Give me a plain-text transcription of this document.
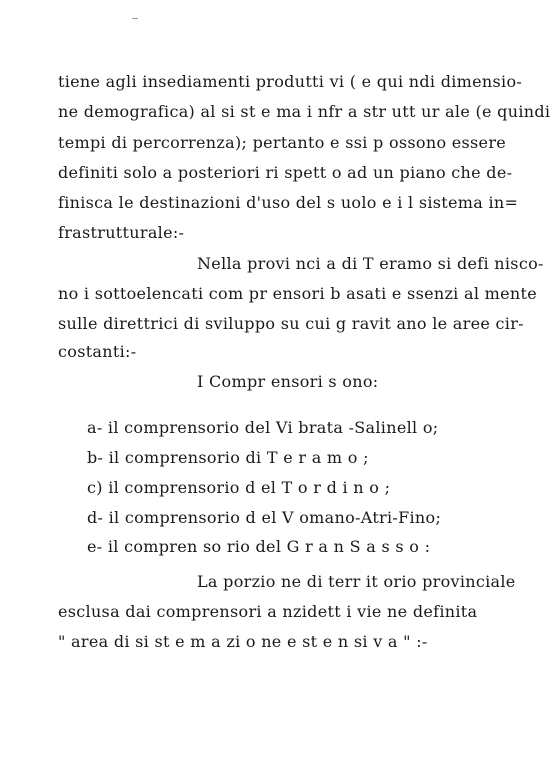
tiene agli insediamenti produtti vi ( e qui ndi dimensio-
ne demografica) al si st e ma i nfr a str utt ur ale (e quindi
tempi di percorrenza); pertanto e ssi p ossono essere
definiti solo a posteriori ri spett o ad un piano che de-
finisca le destinazioni d'uso del s uolo e i l sistema in=
frastrutturale:-
Nella provi nci a di T eramo si defi nisco-
no i sottoelencati com pr ensori b asati e ssenzi al mente
sulle direttrici di sviluppo su cui g ravit ano le aree cir-
costanti:-
I Compr ensori s ono:
a- il comprensorio del Vi brata -Salinell o;
b- il comprensorio di T e r a m o ;
c) il comprensorio d el T o r d i n o ;
d- il comprensorio d el V omano-Atri-Fino;
e- il compren so rio del G r a n S a s s o :
La porzio ne di terr it orio provinciale
esclusa dai comprensori a nzidett i vie ne definita
" area di si st e m a zi o ne e st e n si v a " :-
